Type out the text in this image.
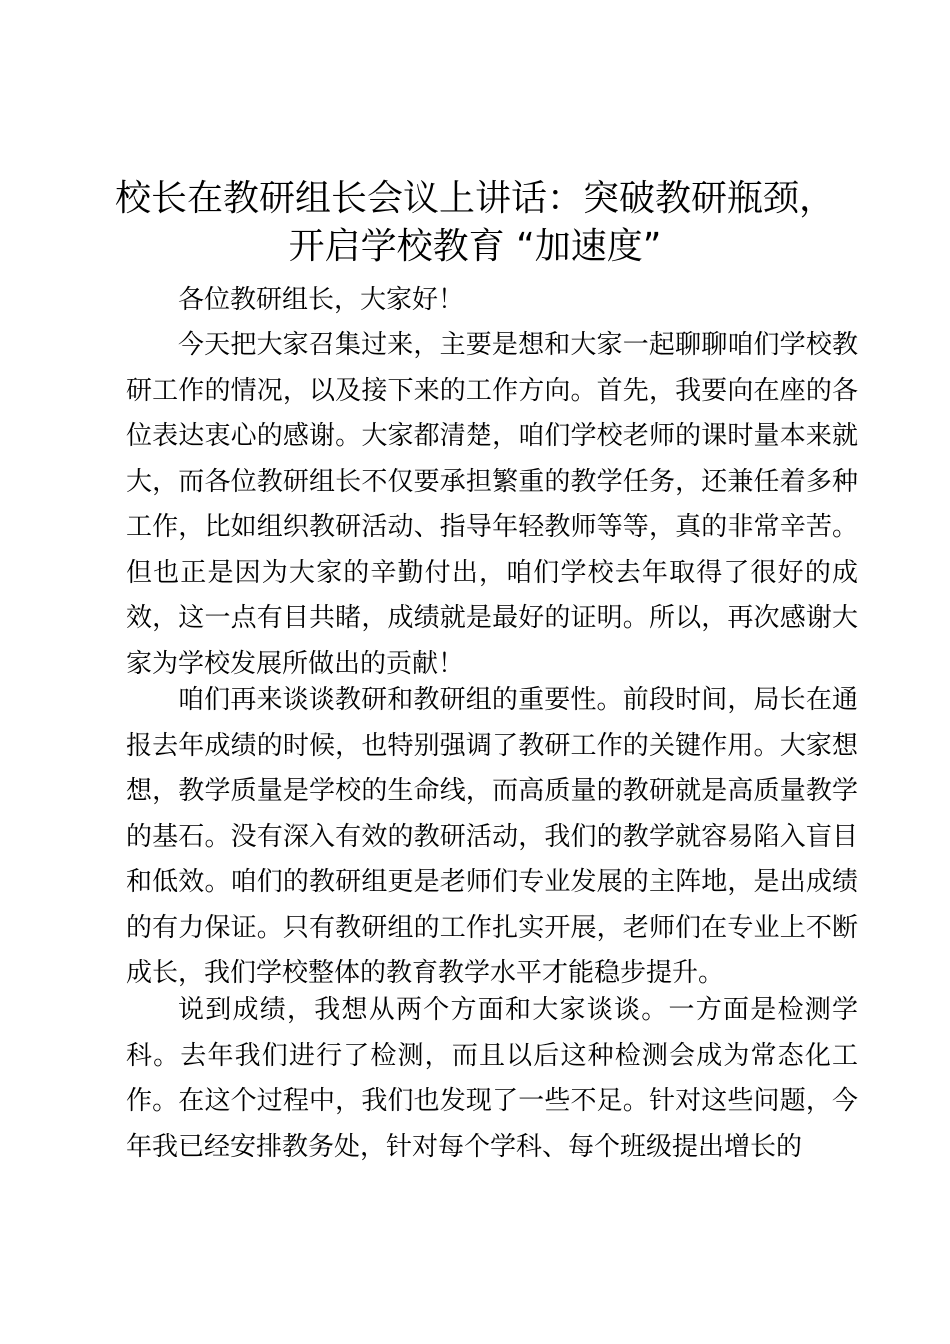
校长在教研组长会议上讲话：突破教研瓶颈，
开启学校教育 “加速度”

各位教研组长，大家好！

今天把大家召集过来，主要是想和大家一起聊聊咱们学校教研工作的情况，以及接下来的工作方向。首先，我要向在座的各位表达衷心的感谢。大家都清楚，咱们学校老师的课时量本来就大，而各位教研组长不仅要承担繁重的教学任务，还兼任着多种工作，比如组织教研活动、指导年轻教师等等，真的非常辛苦。但也正是因为大家的辛勤付出，咱们学校去年取得了很好的成效，这一点有目共睹，成绩就是最好的证明。所以，再次感谢大家为学校发展所做出的贡献！

咱们再来谈谈教研和教研组的重要性。前段时间，局长在通报去年成绩的时候，也特别强调了教研工作的关键作用。大家想想，教学质量是学校的生命线，而高质量的教研就是高质量教学的基石。没有深入有效的教研活动，我们的教学就容易陷入盲目和低效。咱们的教研组更是老师们专业发展的主阵地，是出成绩的有力保证。只有教研组的工作扎实开展，老师们在专业上不断成长，我们学校整体的教育教学水平才能稳步提升。

说到成绩，我想从两个方面和大家谈谈。一方面是检测学科。去年我们进行了检测，而且以后这种检测会成为常态化工作。在这个过程中，我们也发现了一些不足。针对这些问题，今年我已经安排教务处，针对每个学科、每个班级提出增长的
